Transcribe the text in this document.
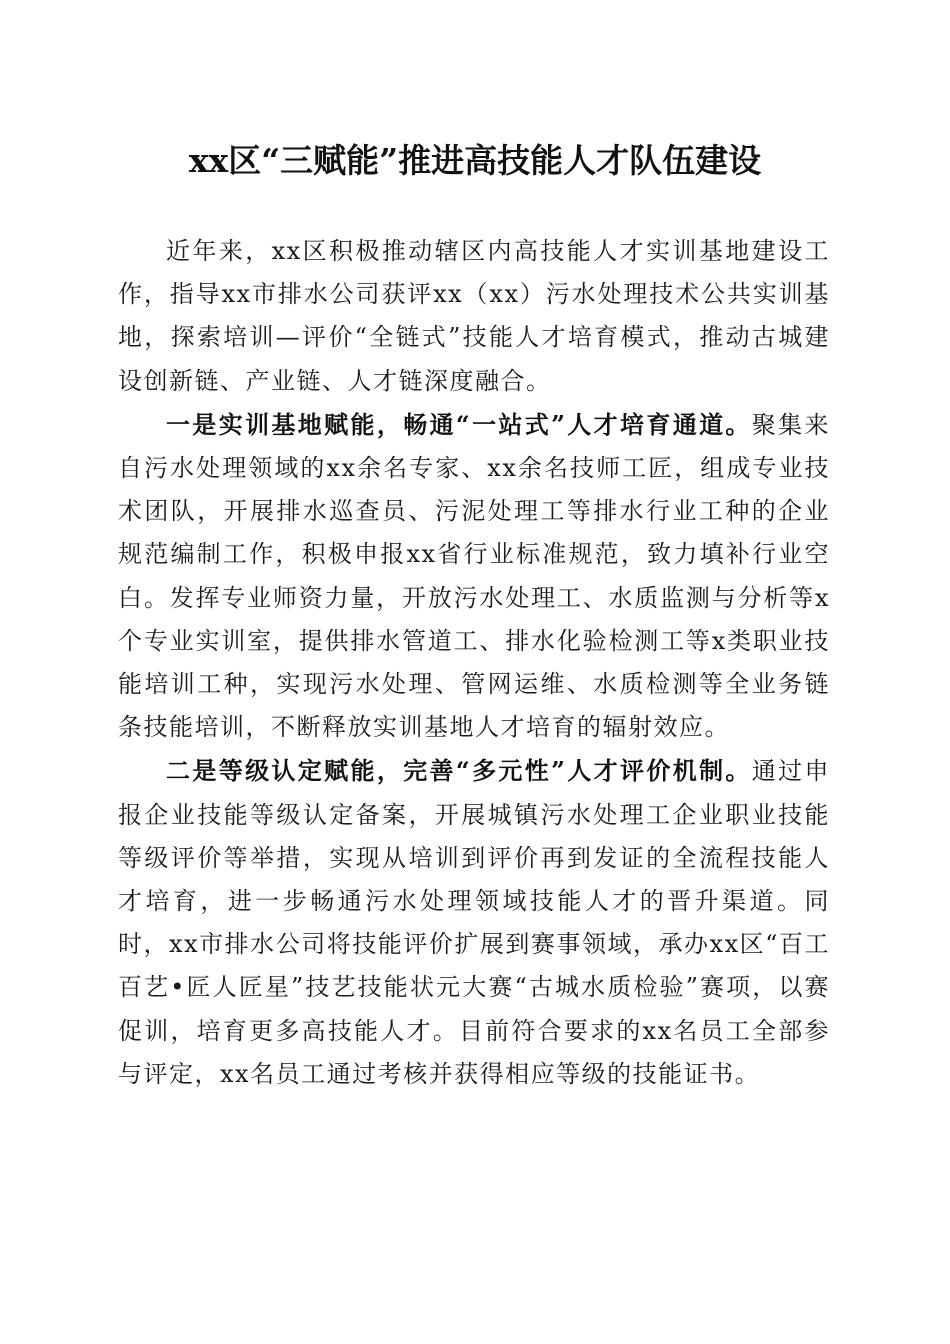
xx区“三赋能”推进高技能人才队伍建设

近年来，xx区积极推动辖区内高技能人才实训基地建设工作，指导xx市排水公司获评xx（xx）污水处理技术公共实训基地，探索培训—评价“全链式”技能人才培育模式，推动古城建设创新链、产业链、人才链深度融合。

一是实训基地赋能，畅通“一站式”人才培育通道。聚集来自污水处理领域的xx余名专家、xx余名技师工匠，组成专业技术团队，开展排水巡查员、污泥处理工等排水行业工种的企业规范编制工作，积极申报xx省行业标准规范，致力填补行业空白。发挥专业师资力量，开放污水处理工、水质监测与分析等x个专业实训室，提供排水管道工、排水化验检测工等x类职业技能培训工种，实现污水处理、管网运维、水质检测等全业务链条技能培训，不断释放实训基地人才培育的辐射效应。

二是等级认定赋能，完善“多元性”人才评价机制。通过申报企业技能等级认定备案，开展城镇污水处理工企业职业技能等级评价等举措，实现从培训到评价再到发证的全流程技能人才培育，进一步畅通污水处理领域技能人才的晋升渠道。同时，xx市排水公司将技能评价扩展到赛事领域，承办xx区“百工百艺•匠人匠星”技艺技能状元大赛“古城水质检验”赛项，以赛促训，培育更多高技能人才。目前符合要求的xx名员工全部参与评定，xx名员工通过考核并获得相应等级的技能证书。
